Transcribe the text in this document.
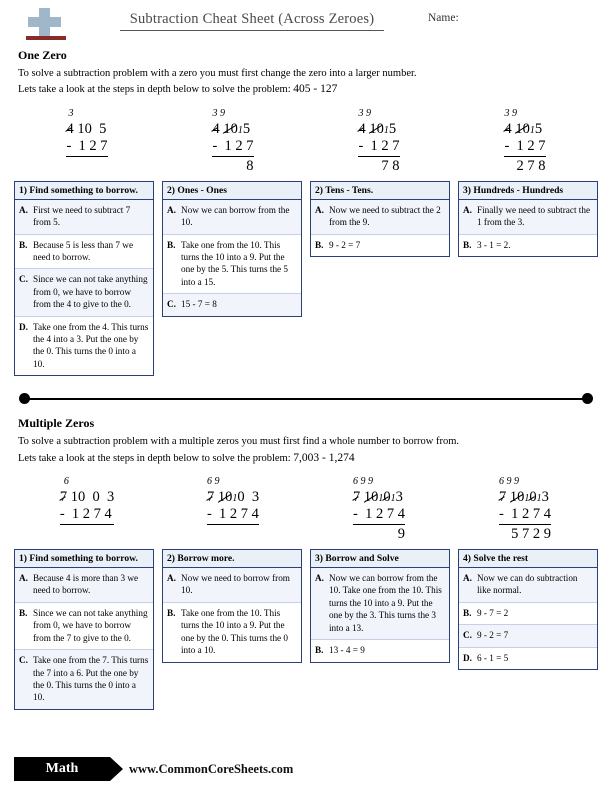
Subtraction Cheat Sheet (Across Zeroes)	Name:
One Zero
To solve a subtraction problem with a zero you must first change the zero into a larger number.
Lets take a look at the steps in depth below to solve the problem: 405 - 127
3
4 10  5
-  1 2 7

3 9
4 1015
-  1 2 7
8
3 9
4 1015
-  1 2 7
7 8
3 9
4 1015
-  1 2 7
2 7 8
1) Find something to borrow.
A. First we need to subtract 7 from 5.
B. Because 5 is less than 7 we need to borrow.
C. Since we can not take anything from 0, we have to borrow from the 4 to give to the 0.
D. Take one from the 4. This turns the 4 into a 3. Put the one by the 0. This turns the 0 into a 10.
2) Ones - Ones
A. Now we can borrow from the 10.
B. Take one from the 10. This turns the 10 into a 9. Put the one by the 5. This turns the 5 into a 15.
C. 15 - 7 = 8
2) Tens - Tens.
A. Now we need to subtract the 2 from the 9.
B. 9 - 2 = 7
3) Hundreds - Hundreds
A. Finally we need to subtract the 1 from the 3.
B. 3 - 1 = 2.
Multiple Zeros
To solve a subtraction problem with a multiple zeros you must first find a whole number to borrow from.
Lets take a look at the steps in depth below to solve the problem: 7,003 - 1,274
6
7 10  0  3
-  1 2 7 4

6 9
7 1010  3
-  1 2 7 4

6 9 9
7 101013
-  1 2 7 4
9
6 9 9
7 101013
-  1 2 7 4
5 7 2 9
1) Find something to borrow.
A. Because 4 is more than 3 we need to borrow.
B. Since we can not take anything from 0, we have to borrow from the 7 to give to the 0.
C. Take one from the 7. This turns the 7 into a 6. Put the one by the 0. This turns the 0 into a 10.
2) Borrow more.
A. Now we need to borrow from 10.
B. Take one from the 10. This turns the 10 into a 9. Put the one by the 0. This turns the 0 into a 10.
3) Borrow and Solve
A. Now we can borrow from the 10. Take one from the 10. This turns the 10 into a 9. Put the one by the 3. This turns the 3 into a 13.
B. 13 - 4 = 9
4) Solve the rest
A. Now we can do subtraction like normal.
B. 9 - 7 = 2
C. 9 - 2 = 7
D. 6 - 1 = 5
Math	www.CommonCoreSheets.com
